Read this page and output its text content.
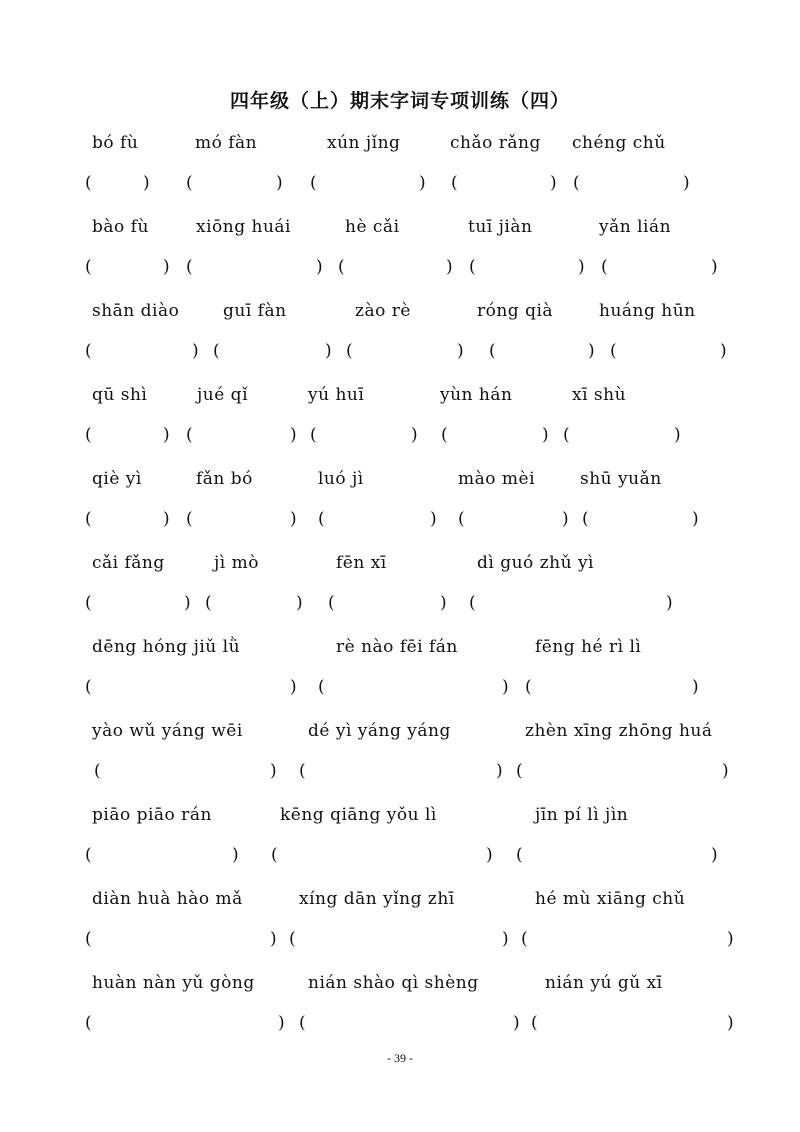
四年级（上）期末字词专项训练（四）
bó fù	mó fàn	xún jǐng	chǎo rǎng chéng chǔ
(	) (	) (	) (	) (	)
bào fù	xiōng huái	hè cǎi	tuī jiàn	yǎn lián
(	) (	) (	) (	) (	)
shān diào	guī fàn	zào rè	róng qià	huáng hūn
(	) (	) (	) (	) (	)
qū shì	jué qǐ	yú huī	yùn hán	xī shù
(	) (	) (	) (	) (	)
qiè yì	fǎn bó	luó jì	mào mèi	shū yuǎn
(	) (	) (	) (	) (	)
cǎi fǎng	jì mò	fēn xī	dì guó zhǔ yì
(	) (	) (	) (	)
dēng hóng jiǔ lǜ	rè nào fēi fán	fēng hé rì lì
(	) (	) (	)
yào wǔ yáng wēi	dé yì yáng yáng	zhèn xīng zhōng huá
(	) (	) (	)
piāo piāo rán	kēng qiāng yǒu lì	jīn pí lì jìn
(	) (	) (	)
diàn huà hào mǎ	xíng dān yǐng zhī	hé mù xiāng chǔ
(	) (	) (	)
huàn nàn yǔ gòng	nián shào qì shèng	nián yú gǔ xī
(	) (	) (	)
- 39 -
